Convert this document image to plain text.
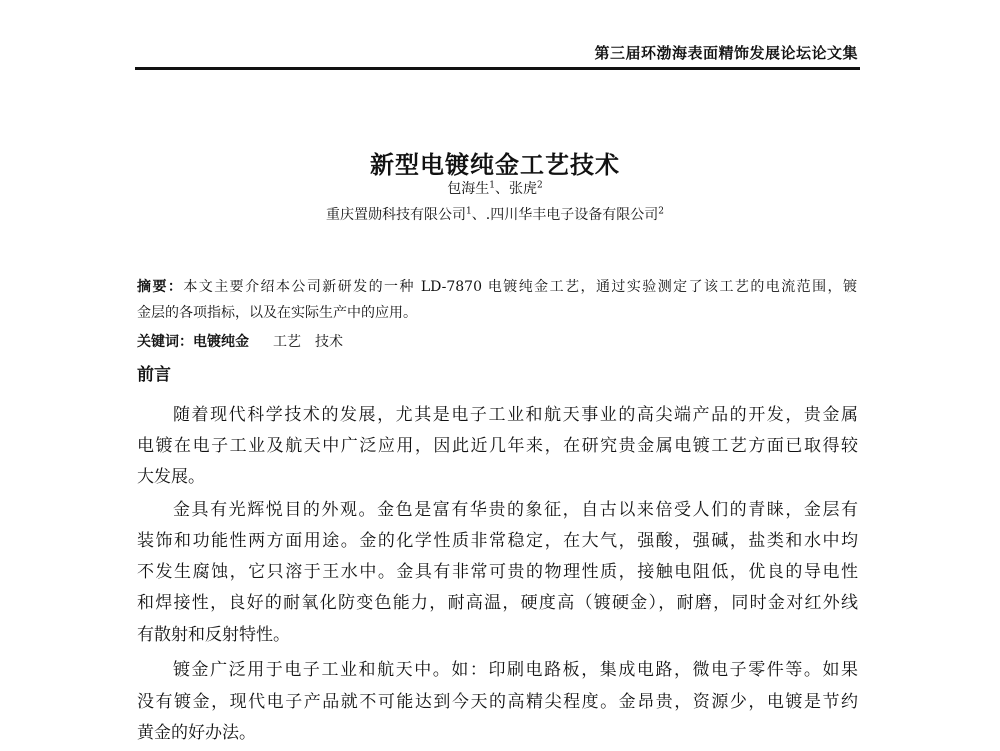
第三届环渤海表面精饰发展论坛论文集
新型电镀纯金工艺技术
包海生$^1$、张虎$^2$
重庆置勋科技有限公司$^1$、.四川华丰电子设备有限公司$^2$
摘要：本文主要介绍本公司新研发的一种 LD-7870 电镀纯金工艺，通过实验测定了该工艺的电流范围，镀
金层的各项指标，以及在实际生产中的应用。
关键词：电镀纯金 工艺 技术
前言
随着现代科学技术的发展，尤其是电子工业和航天事业的高尖端产品的开发，贵金属
电镀在电子工业及航天中广泛应用，因此近几年来，在研究贵金属电镀工艺方面已取得较
大发展。
金具有光辉悦目的外观。金色是富有华贵的象征，自古以来倍受人们的青睐，金层有
装饰和功能性两方面用途。金的化学性质非常稳定，在大气，强酸，强碱，盐类和水中均
不发生腐蚀，它只溶于王水中。金具有非常可贵的物理性质，接触电阻低，优良的导电性
和焊接性，良好的耐氧化防变色能力，耐高温，硬度高（镀硬金），耐磨，同时金对红外线
有散射和反射特性。
镀金广泛用于电子工业和航天中。如：印刷电路板，集成电路，微电子零件等。如果
没有镀金，现代电子产品就不可能达到今天的高精尖程度。金昂贵，资源少，电镀是节约
黄金的好办法。
